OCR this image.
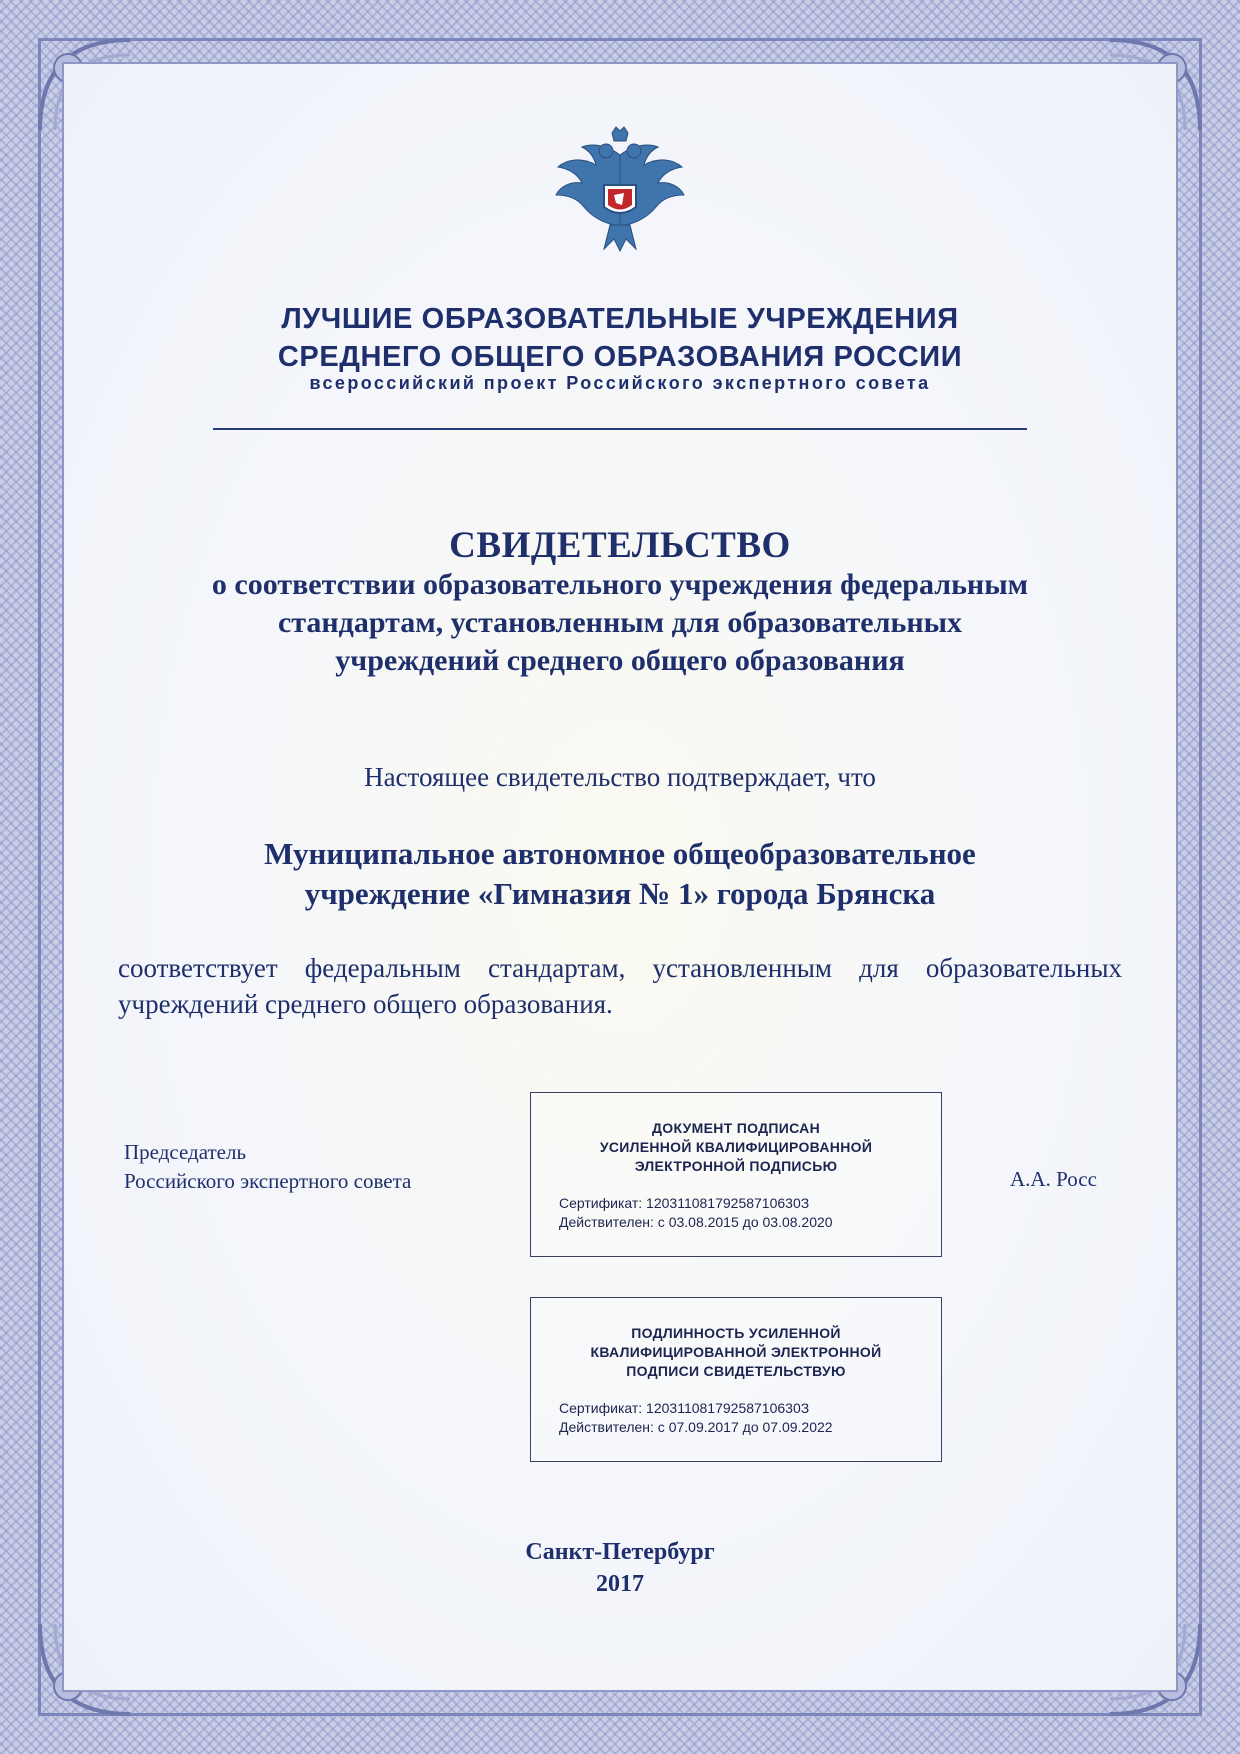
ЛУЧШИЕ ОБРАЗОВАТЕЛЬНЫЕ УЧРЕЖДЕНИЯ
СРЕДНЕГО ОБЩЕГО ОБРАЗОВАНИЯ РОССИИ
всероссийский проект Российского экспертного совета
СВИДЕТЕЛЬСТВО
о соответствии образовательного учреждения федеральным
стандартам, установленным для образовательных
учреждений среднего общего образования
Настоящее свидетельство подтверждает, что
Муниципальное автономное общеобразовательное
учреждение «Гимназия № 1» города Брянска
соответствует федеральным стандартам, установленным для образовательных учреждений среднего общего образования.
Председатель
Российского экспертного совета	А.А. Росс
ДОКУМЕНТ ПОДПИСАН
УСИЛЕННОЙ КВАЛИФИЦИРОВАННОЙ
ЭЛЕКТРОННОЙ ПОДПИСЬЮ
Сертификат: 12031108179258710630З
Действителен: с 03.08.2015 до 03.08.2020
ПОДЛИННОСТЬ УСИЛЕННОЙ
КВАЛИФИЦИРОВАННОЙ ЭЛЕКТРОННОЙ
ПОДПИСИ СВИДЕТЕЛЬСТВУЮ
Сертификат: 12031108179258710630З
Действителен: с 07.09.2017 до 07.09.2022
Санкт-Петербург
2017
